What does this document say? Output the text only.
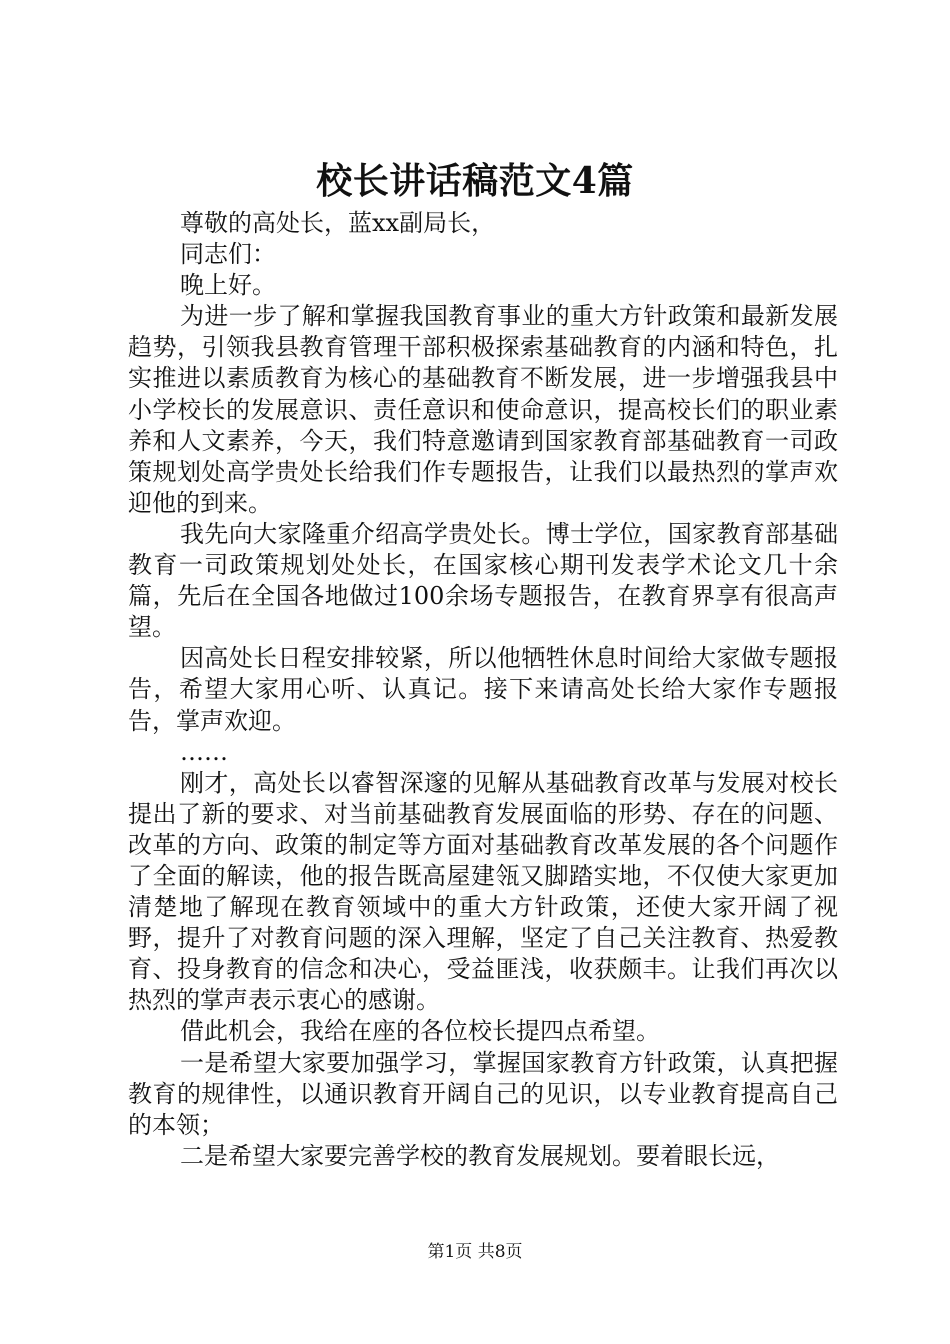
校长讲话稿范文4篇

尊敬的高处长，蓝xx副局长，

同志们：

晚上好。

为进一步了解和掌握我国教育事业的重大方针政策和最新发展趋势，引领我县教育管理干部积极探索基础教育的内涵和特色，扎实推进以素质教育为核心的基础教育不断发展，进一步增强我县中小学校长的发展意识、责任意识和使命意识，提高校长们的职业素养和人文素养，今天，我们特意邀请到国家教育部基础教育一司政策规划处高学贵处长给我们作专题报告，让我们以最热烈的掌声欢迎他的到来。

我先向大家隆重介绍高学贵处长。博士学位，国家教育部基础教育一司政策规划处处长，在国家核心期刊发表学术论文几十余篇，先后在全国各地做过100余场专题报告，在教育界享有很高声望。

因高处长日程安排较紧，所以他牺牲休息时间给大家做专题报告，希望大家用心听、认真记。接下来请高处长给大家作专题报告，掌声欢迎。

……

刚才，高处长以睿智深邃的见解从基础教育改革与发展对校长提出了新的要求、对当前基础教育发展面临的形势、存在的问题、改革的方向、政策的制定等方面对基础教育改革发展的各个问题作了全面的解读，他的报告既高屋建瓴又脚踏实地，不仅使大家更加清楚地了解现在教育领域中的重大方针政策，还使大家开阔了视野，提升了对教育问题的深入理解，坚定了自己关注教育、热爱教育、投身教育的信念和决心，受益匪浅，收获颇丰。让我们再次以热烈的掌声表示衷心的感谢。

借此机会，我给在座的各位校长提四点希望。

一是希望大家要加强学习，掌握国家教育方针政策，认真把握教育的规律性，以通识教育开阔自己的见识，以专业教育提高自己的本领；

二是希望大家要完善学校的教育发展规划。要着眼长远，

第1页 共8页
